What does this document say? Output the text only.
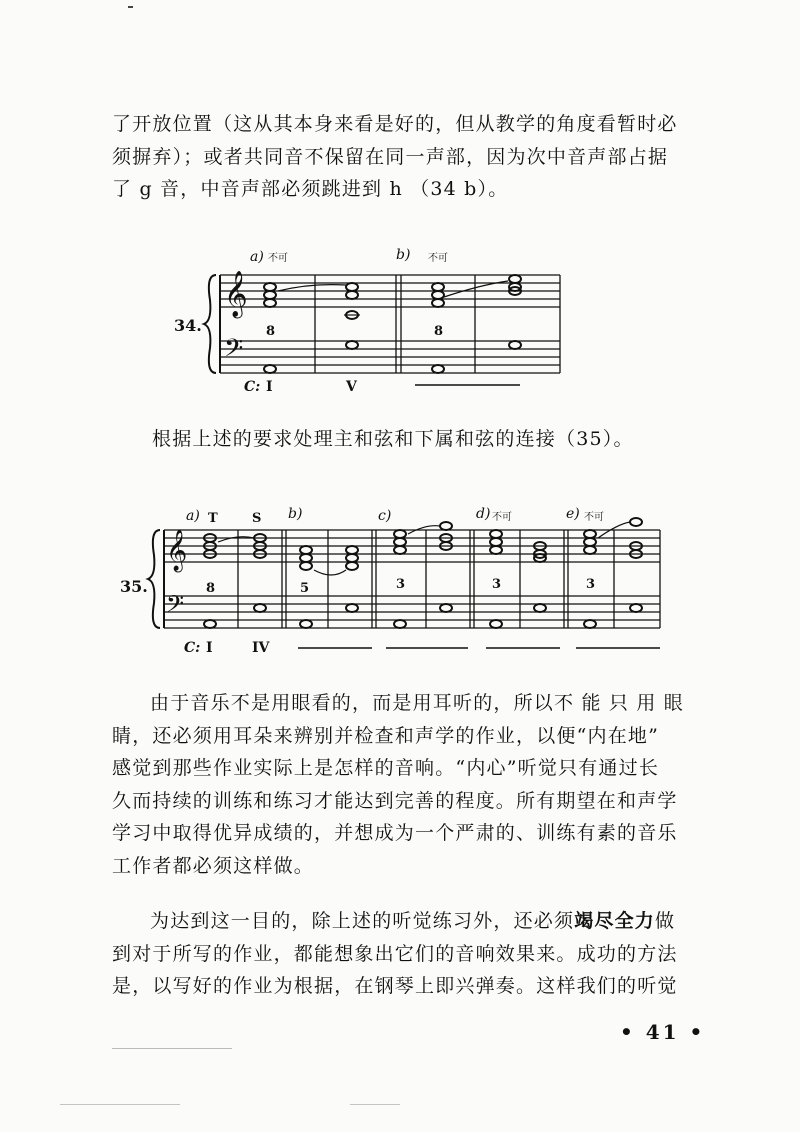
了开放位置（这从其本身来看是好的，但从教学的角度看暂时必
须摒弃）；或者共同音不保留在同一声部，因为次中音声部占据
了 g 音，中音声部必须跳进到 h （34 b）。
𝄞
𝄢
a) 不可	b) 不可
34.	8	8
C: I	V
根据上述的要求处理主和弦和下属和弦的连接（35）。
𝄞
𝄢
a) T	S b)	c)	d) 不可	e) 不可
35.	8	5	3	3	3
C: I	IV
由于音乐不是用眼看的，而是用耳听的，所以不 能 只 用 眼
睛，还必须用耳朵来辨别并检查和声学的作业，以便“内在地”
感觉到那些作业实际上是怎样的音响。“内心”听觉只有通过长
久而持续的训练和练习才能达到完善的程度。所有期望在和声学
学习中取得优异成绩的，并想成为一个严肃的、训练有素的音乐
工作者都必须这样做。
为达到这一目的，除上述的听觉练习外，还必须竭尽全力做
到对于所写的作业，都能想象出它们的音响效果来。成功的方法
是，以写好的作业为根据，在钢琴上即兴弹奏。这样我们的听觉
• 41 •
